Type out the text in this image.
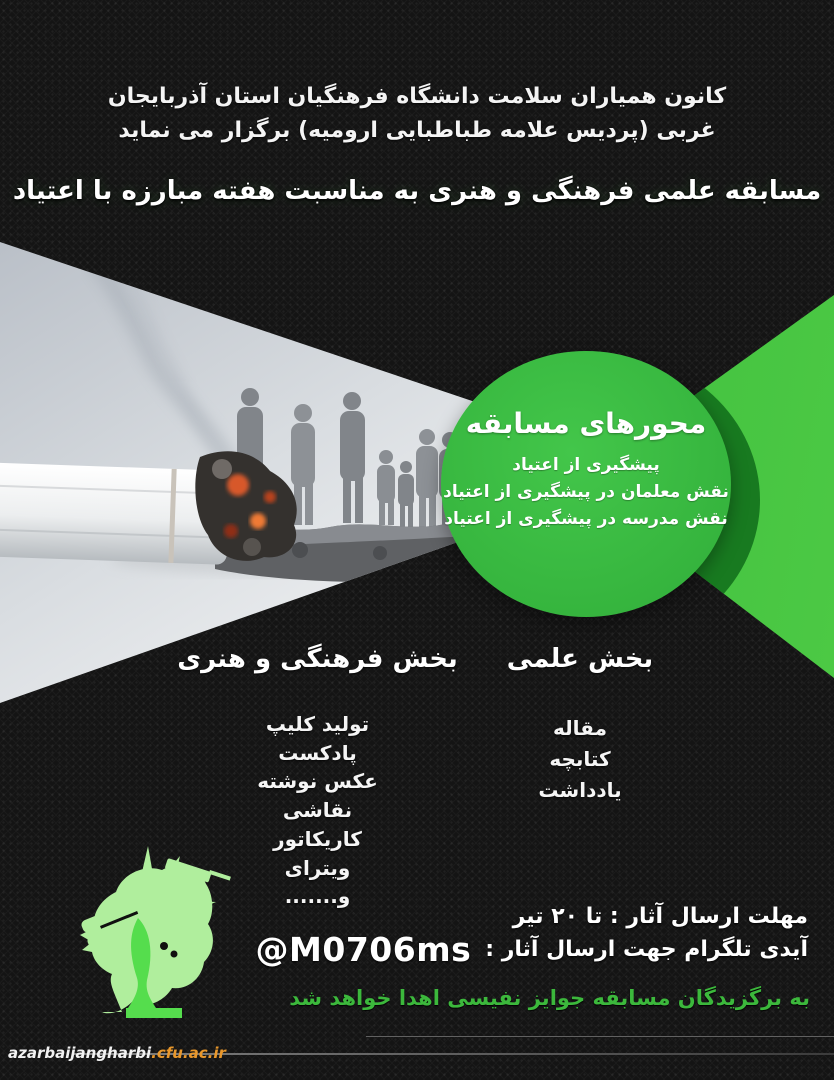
محورهای مسابقه
پیشگیری از اعتیاد
نقش معلمان در پیشگیری از اعتیاد
نقش مدرسه در پیشگیری از اعتیاد
کانون همیاران سلامت دانشگاه فرهنگیان استان آذربایجان
غربی (پردیس علامه طباطبایی ارومیه) برگزار می نماید
مسابقه علمی فرهنگی و هنری به مناسبت هفته مبارزه با اعتیاد
بخش فرهنگی و هنری
تولید کلیپ
پادکست
عکس نوشته
نقاشی
کاریکاتور
ویترای
و.......
بخش علمی
مقاله
کتابچه
یادداشت
مهلت ارسال آثار : تا ۲۰ تیر
آیدی تلگرام جهت ارسال آثار :
@M0706ms
به برگزیدگان مسابقه جوایز نفیسی اهدا خواهد شد
azarbaijangharbi.cfu.ac.ir
